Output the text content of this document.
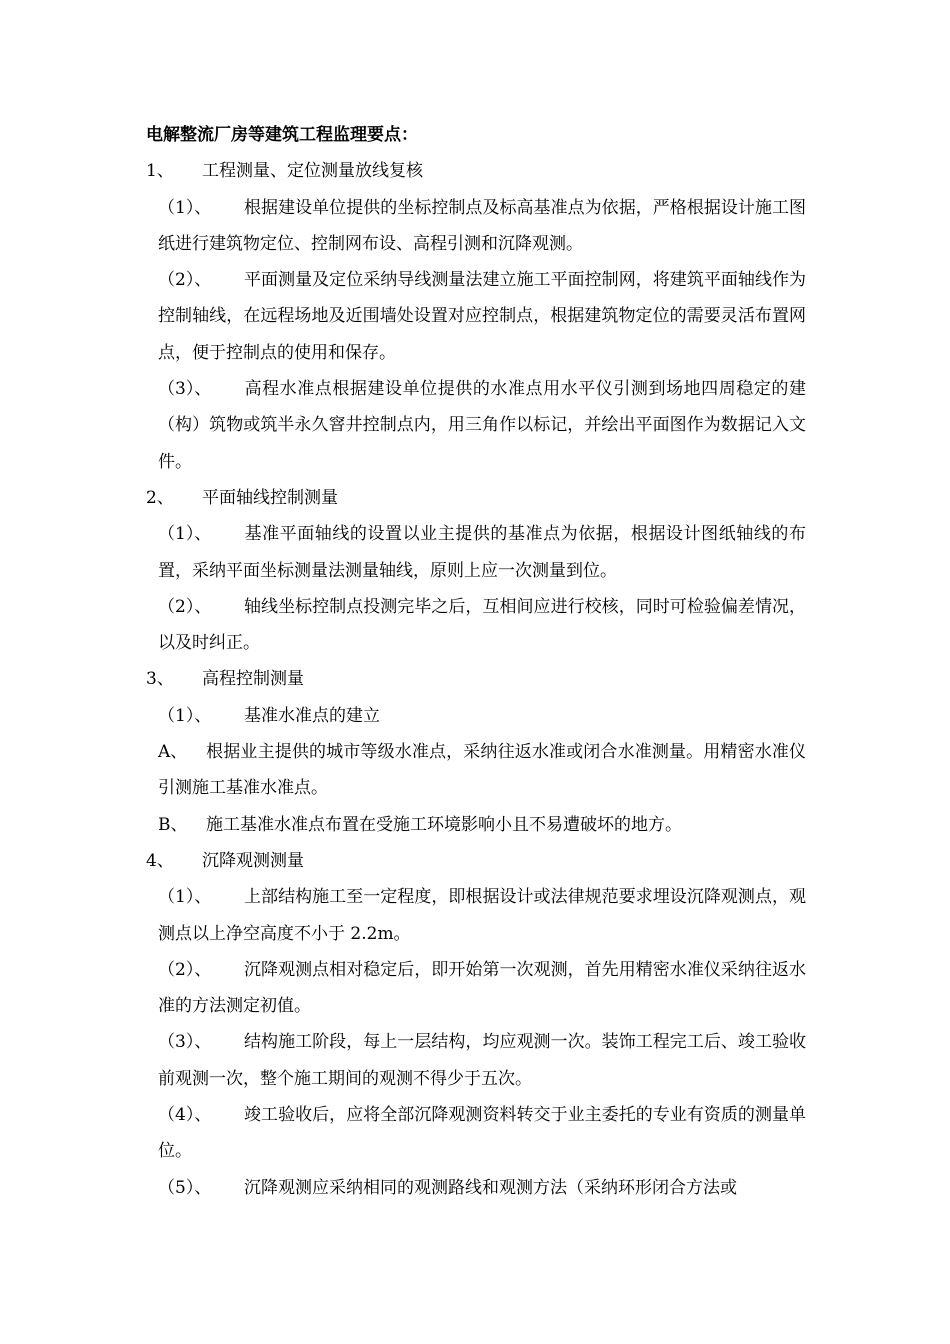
电解整流厂房等建筑工程监理要点：

1、 工程测量、定位测量放线复核

（1）、 根据建设单位提供的坐标控制点及标高基准点为依据，严格根据设计施工图纸进行建筑物定位、控制网布设、高程引测和沉降观测。

（2）、 平面测量及定位采纳导线测量法建立施工平面控制网，将建筑平面轴线作为控制轴线，在远程场地及近围墙处设置对应控制点，根据建筑物定位的需要灵活布置网点，便于控制点的使用和保存。

（3）、 高程水准点根据建设单位提供的水准点用水平仪引测到场地四周稳定的建（构）筑物或筑半永久窨井控制点内，用三角作以标记，并绘出平面图作为数据记入文件。

2、 平面轴线控制测量

（1）、 基准平面轴线的设置以业主提供的基准点为依据，根据设计图纸轴线的布置，采纳平面坐标测量法测量轴线，原则上应一次测量到位。

（2）、 轴线坐标控制点投测完毕之后，互相间应进行校核，同时可检验偏差情况，以及时纠正。

3、 高程控制测量

（1）、 基准水准点的建立

A、 根据业主提供的城市等级水准点，采纳往返水准或闭合水准测量。用精密水准仪引测施工基准水准点。

B、 施工基准水准点布置在受施工环境影响小且不易遭破坏的地方。

4、 沉降观测测量

（1）、 上部结构施工至一定程度，即根据设计或法律规范要求埋设沉降观测点，观测点以上净空高度不小于 2.2m。

（2）、 沉降观测点相对稳定后，即开始第一次观测，首先用精密水准仪采纳往返水准的方法测定初值。

（3）、 结构施工阶段，每上一层结构，均应观测一次。装饰工程完工后、竣工验收前观测一次，整个施工期间的观测不得少于五次。

（4）、 竣工验收后，应将全部沉降观测资料转交于业主委托的专业有资质的测量单位。

（5）、 沉降观测应采纳相同的观测路线和观测方法（采纳环形闭合方法或
